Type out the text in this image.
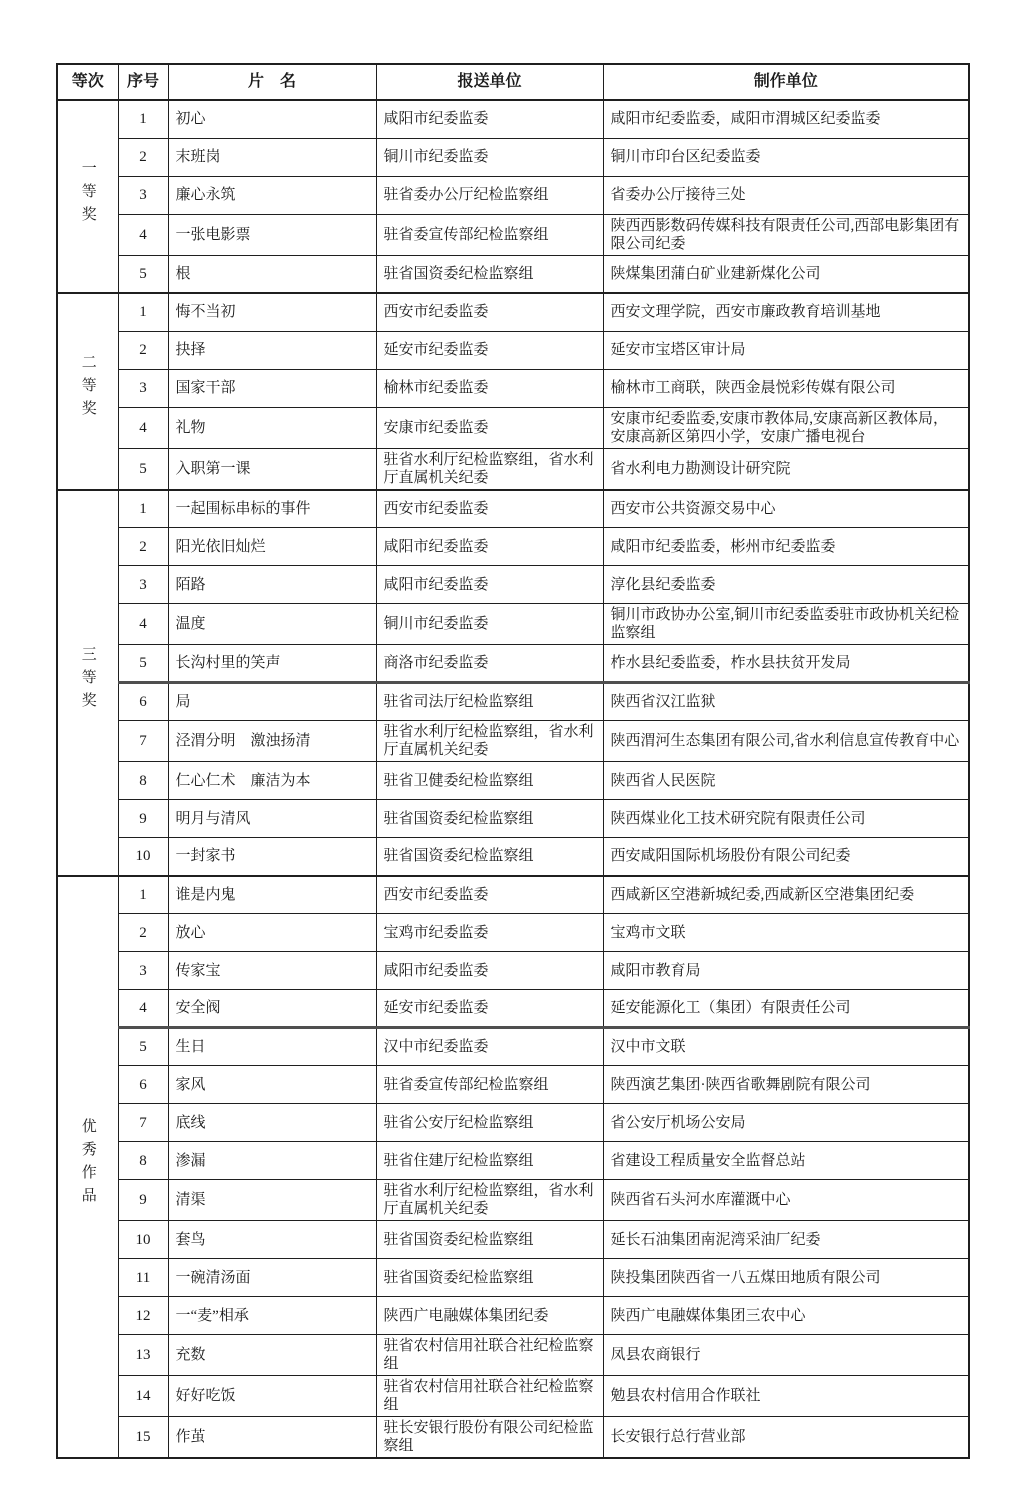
等次	序号	片　名	报送单位	制作单位
一等奖	1	初心	咸阳市纪委监委	咸阳市纪委监委，咸阳市渭城区纪委监委
	2	末班岗	铜川市纪委监委	铜川市印台区纪委监委
	3	廉心永筑	驻省委办公厅纪检监察组	省委办公厅接待三处
	4	一张电影票	驻省委宣传部纪检监察组	陕西西影数码传媒科技有限责任公司,西部电影集团有限公司纪委
	5	根	驻省国资委纪检监察组	陕煤集团蒲白矿业建新煤化公司
二等奖	1	悔不当初	西安市纪委监委	西安文理学院，西安市廉政教育培训基地
	2	抉择	延安市纪委监委	延安市宝塔区审计局
	3	国家干部	榆林市纪委监委	榆林市工商联，陕西金晨悦彩传媒有限公司
	4	礼物	安康市纪委监委	安康市纪委监委,安康市教体局,安康高新区教体局，安康高新区第四小学，安康广播电视台
	5	入职第一课	驻省水利厅纪检监察组，省水利厅直属机关纪委	省水利电力勘测设计研究院
三等奖	1	一起围标串标的事件	西安市纪委监委	西安市公共资源交易中心
	2	阳光依旧灿烂	咸阳市纪委监委	咸阳市纪委监委，彬州市纪委监委
	3	陌路	咸阳市纪委监委	淳化县纪委监委
	4	温度	铜川市纪委监委	铜川市政协办公室,铜川市纪委监委驻市政协机关纪检监察组
	5	长沟村里的笑声	商洛市纪委监委	柞水县纪委监委，柞水县扶贫开发局
	6	局	驻省司法厅纪检监察组	陕西省汉江监狱
	7	泾渭分明　激浊扬清	驻省水利厅纪检监察组，省水利厅直属机关纪委	陕西渭河生态集团有限公司,省水利信息宣传教育中心
	8	仁心仁术　廉洁为本	驻省卫健委纪检监察组	陕西省人民医院
	9	明月与清风	驻省国资委纪检监察组	陕西煤业化工技术研究院有限责任公司
	10	一封家书	驻省国资委纪检监察组	西安咸阳国际机场股份有限公司纪委
优秀作品	1	谁是内鬼	西安市纪委监委	西咸新区空港新城纪委,西咸新区空港集团纪委
	2	放心	宝鸡市纪委监委	宝鸡市文联
	3	传家宝	咸阳市纪委监委	咸阳市教育局
	4	安全阀	延安市纪委监委	延安能源化工（集团）有限责任公司
	5	生日	汉中市纪委监委	汉中市文联
	6	家风	驻省委宣传部纪检监察组	陕西演艺集团·陕西省歌舞剧院有限公司
	7	底线	驻省公安厅纪检监察组	省公安厅机场公安局
	8	渗漏	驻省住建厅纪检监察组	省建设工程质量安全监督总站
	9	清渠	驻省水利厅纪检监察组，省水利厅直属机关纪委	陕西省石头河水库灌溉中心
	10	套鸟	驻省国资委纪检监察组	延长石油集团南泥湾采油厂纪委
	11	一碗清汤面	驻省国资委纪检监察组	陕投集团陕西省一八五煤田地质有限公司
	12	一“麦”相承	陕西广电融媒体集团纪委	陕西广电融媒体集团三农中心
	13	充数	驻省农村信用社联合社纪检监察组	凤县农商银行
	14	好好吃饭	驻省农村信用社联合社纪检监察组	勉县农村信用合作联社
	15	作茧	驻长安银行股份有限公司纪检监察组	长安银行总行营业部
